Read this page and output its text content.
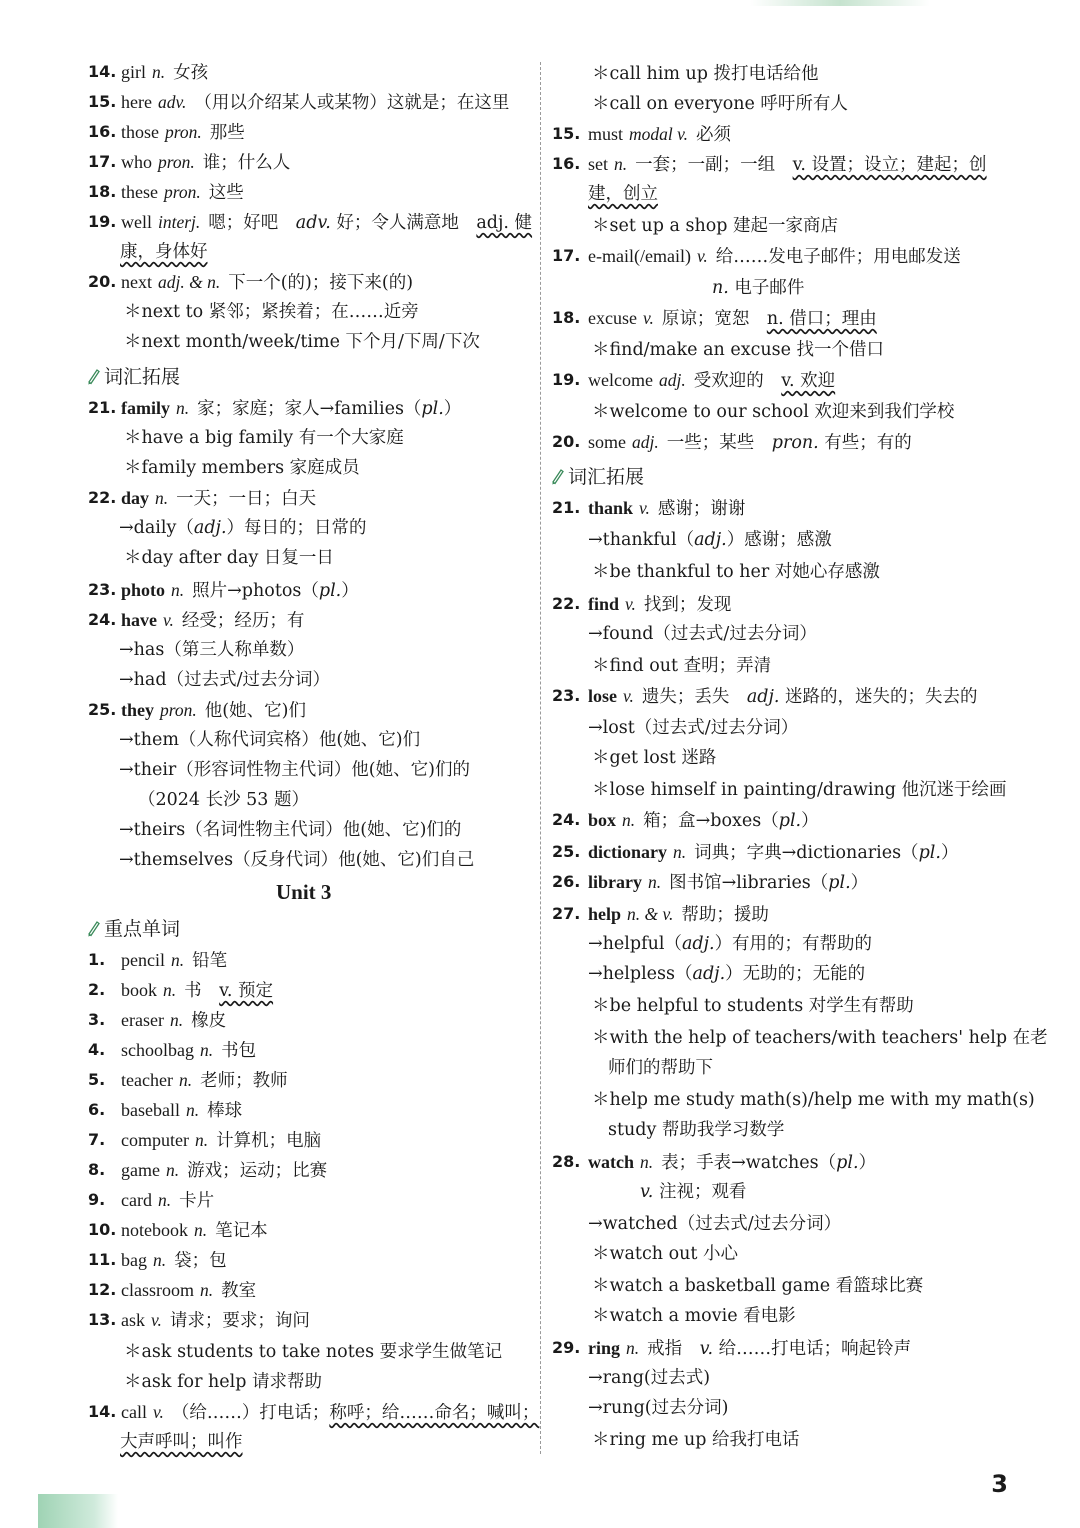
14. girl n. 女孩
15. here adv. （用以介绍某人或某物）这就是；在这里
16. those pron. 那些
17. who pron. 谁；什么人
18. these pron. 这些
19. well interj. 嗯；好吧　adv. 好；令人满意地　adj. 健
康，身体好
20. next adj. & n. 下一个(的)；接下来(的)
＊next to 紧邻；紧挨着；在……近旁
＊next month/week/time 下个月/下周/下次
词汇拓展
21. family n. 家；家庭；家人→families（pl.）
＊have a big family 有一个大家庭
＊family members 家庭成员
22. day n. 一天；一日；白天
→daily（adj.）每日的；日常的
＊day after day 日复一日
23. photo n. 照片→photos（pl.）
24. have v. 经受；经历；有
→has（第三人称单数）
→had（过去式/过去分词）
25. they pron. 他(她、它)们
→them（人称代词宾格）他(她、它)们
→their（形容词性物主代词）他(她、它)们的
（2024 长沙 53 题）
→theirs（名词性物主代词）他(她、它)们的
→themselves（反身代词）他(她、它)们自己
Unit 3
重点单词
1. pencil n. 铅笔
2. book n. 书　v. 预定
3. eraser n. 橡皮
4. schoolbag n. 书包
5. teacher n. 老师；教师
6. baseball n. 棒球
7. computer n. 计算机；电脑
8. game n. 游戏；运动；比赛
9. card n. 卡片
10. notebook n. 笔记本
11. bag n. 袋；包
12. classroom n. 教室
13. ask v. 请求；要求；询问
＊ask students to take notes 要求学生做笔记
＊ask for help 请求帮助
14. call v. （给……）打电话；称呼；给……命名；喊叫；
大声呼叫；叫作
＊call him up 拨打电话给他
＊call on everyone 呼吁所有人
15. must modal v. 必须
16. set n. 一套；一副；一组　v. 设置；设立；建起；创
建，创立
＊set up a shop 建起一家商店
17. e-mail(/email) v. 给……发电子邮件；用电邮发送
n. 电子邮件
18. excuse v. 原谅；宽恕　n. 借口；理由
＊find/make an excuse 找一个借口
19. welcome adj. 受欢迎的　v. 欢迎
＊welcome to our school 欢迎来到我们学校
20. some adj. 一些；某些　pron. 有些；有的
词汇拓展
21. thank v. 感谢；谢谢
→thankful（adj.）感谢；感激
＊be thankful to her 对她心存感激
22. find v. 找到；发现
→found（过去式/过去分词）
＊find out 查明；弄清
23. lose v. 遗失；丢失　adj. 迷路的，迷失的；失去的
→lost（过去式/过去分词）
＊get lost 迷路
＊lose himself in painting/drawing 他沉迷于绘画
24. box n. 箱；盒→boxes（pl.）
25. dictionary n. 词典；字典→dictionaries（pl.）
26. library n. 图书馆→libraries（pl.）
27. help n. & v. 帮助；援助
→helpful（adj.）有用的；有帮助的
→helpless（adj.）无助的；无能的
＊be helpful to students 对学生有帮助
＊with the help of teachers/with teachers' help 在老
师们的帮助下
＊help me study math(s)/help me with my math(s)
study 帮助我学习数学
28. watch n. 表；手表→watches（pl.）
v. 注视；观看
→watched（过去式/过去分词）
＊watch out 小心
＊watch a basketball game 看篮球比赛
＊watch a movie 看电影
29. ring n. 戒指　v. 给……打电话；响起铃声
→rang(过去式)
→rung(过去分词)
＊ring me up 给我打电话
3
